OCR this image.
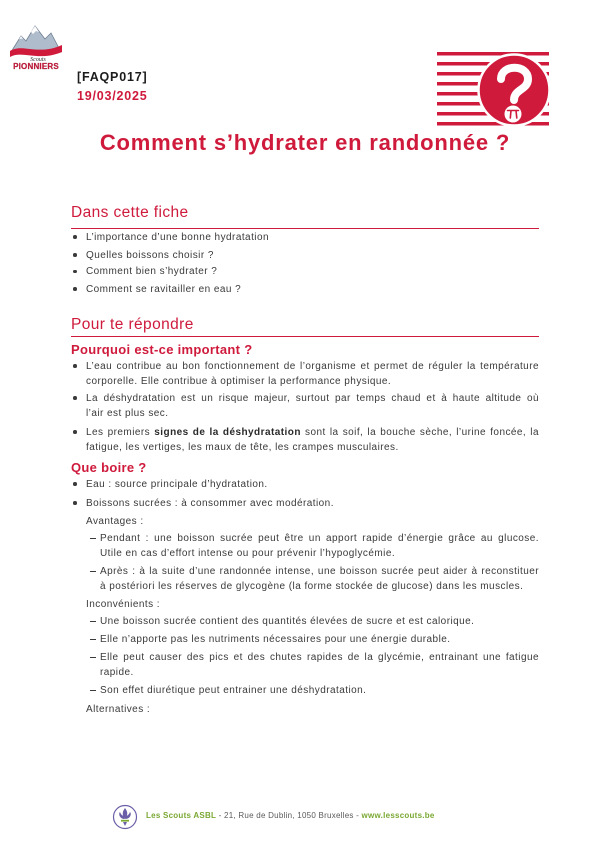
Scouts
PIONNIERS
[FAQP017]
19/03/2025
Comment s’hydrater en randonnée ?
Dans cette fiche
L’importance d’une bonne hydratation
Quelles boissons choisir ?
Comment bien s’hydrater ?
Comment se ravitailler en eau ?
Pour te répondre
Pourquoi est-ce important ?
L’eau contribue au bon fonctionnement de l’organisme et permet de réguler la température
corporelle. Elle contribue à optimiser la performance physique.
La déshydratation est un risque majeur, surtout par temps chaud et à haute altitude où
l’air est plus sec.
Les premiers signes de la déshydratation sont la soif, la bouche sèche, l’urine foncée, la
fatigue, les vertiges, les maux de tête, les crampes musculaires.
Que boire ?
Eau : source principale d’hydratation.
Boissons sucrées : à consommer avec modération.
Avantages :
Pendant : une boisson sucrée peut être un apport rapide d’énergie grâce au glucose.
Utile en cas d’effort intense ou pour prévenir l’hypoglycémie.
Après : à la suite d’une randonnée intense, une boisson sucrée peut aider à reconstituer
à postériori les réserves de glycogène (la forme stockée de glucose) dans les muscles.
Inconvénients :
Une boisson sucrée contient des quantités élevées de sucre et est calorique.
Elle n’apporte pas les nutriments nécessaires pour une énergie durable.
Elle peut causer des pics et des chutes rapides de la glycémie, entrainant une fatigue
rapide.
Son effet diurétique peut entrainer une déshydratation.
Alternatives :
Les Scouts ASBL - 21, Rue de Dublin, 1050 Bruxelles - www.lesscouts.be
